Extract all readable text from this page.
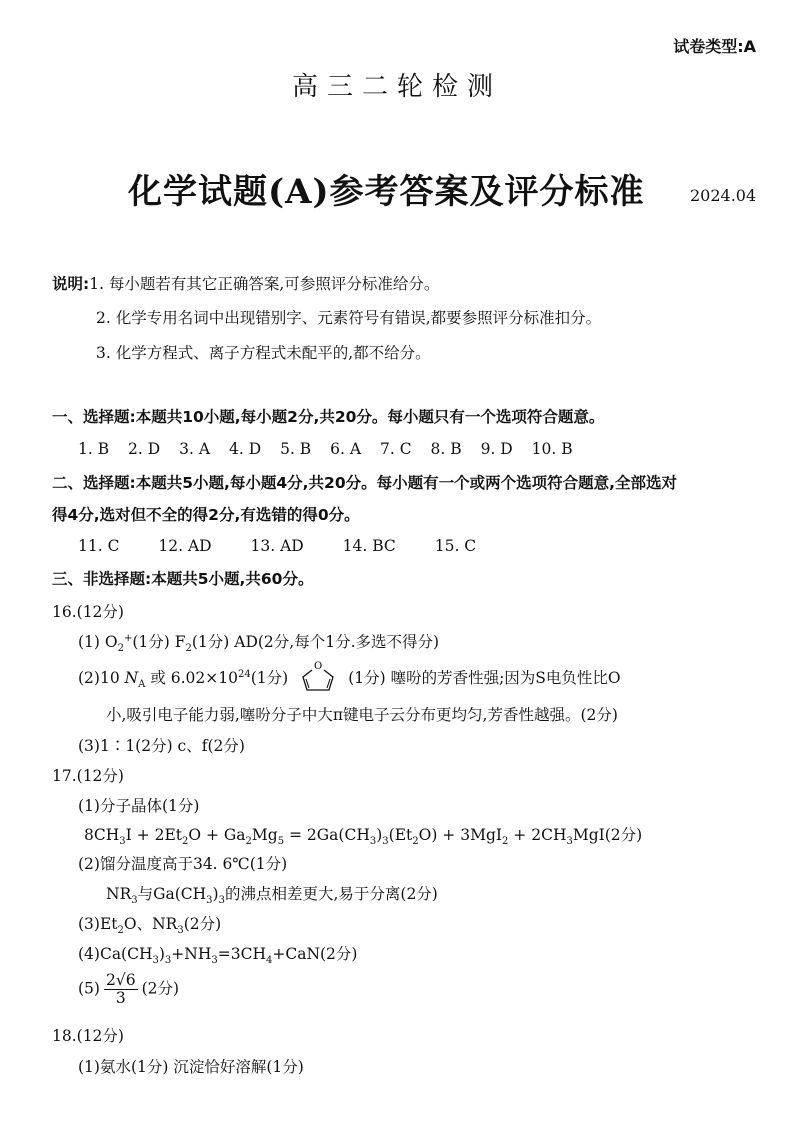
试卷类型:A
高三二轮检测
化学试题(A)参考答案及评分标准	2024.04
说明:1. 每小题若有其它正确答案,可参照评分标准给分。
2. 化学专用名词中出现错别字、元素符号有错误,都要参照评分标准扣分。
3. 化学方程式、离子方程式未配平的,都不给分。
一、选择题:本题共10小题,每小题2分,共20分。每小题只有一个选项符合题意。
1. B 2. D 3. A 4. D 5. B 6. A 7. C 8. B 9. D 10. B
二、选择题:本题共5小题,每小题4分,共20分。每小题有一个或两个选项符合题意,全部选对
得4分,选对但不全的得2分,有选错的得0分。
11. C	12. AD	13. AD	14. BC	15. C
三、非选择题:本题共5小题,共60分。
16.(12分)
(1) $O_2^+(1$分) $F_2(1$分) AD(2分,每个1分.多选不得分)
(2)10 $N_A$ 或 $6.02\times 10^{24}(1$分)
O
(1分) 噻吩的芳香性强;因为S电负性比O
小,吸引电子能力弱,噻吩分子中大π键电子云分布更均匀,芳香性越强。(2分)
(3)1∶1(2分) c、f(2分)
17.(12分)
(1)分子晶体(1分)
$8CH_3I + 2Et_2O + Ga_2Mg_5 = 2Ga(CH_3)_3(Et_2O) + 3MgI_2 + 2CH_3MgI(2$分)
(2)馏分温度高于34. 6℃(1分)
$NR_3$与$Ga(CH_3)_3$的沸点相差更大,易于分离(2分)
$(3)Et_2O$、$NR_3(2$分)
$(4)Ca(CH_3)_3+NH_3=3CH_4+CaN(2$分)
$(5) \frac{2√6}{3} (2$分)
18.(12分)
(1)氨水(1分) 沉淀恰好溶解(1分)
